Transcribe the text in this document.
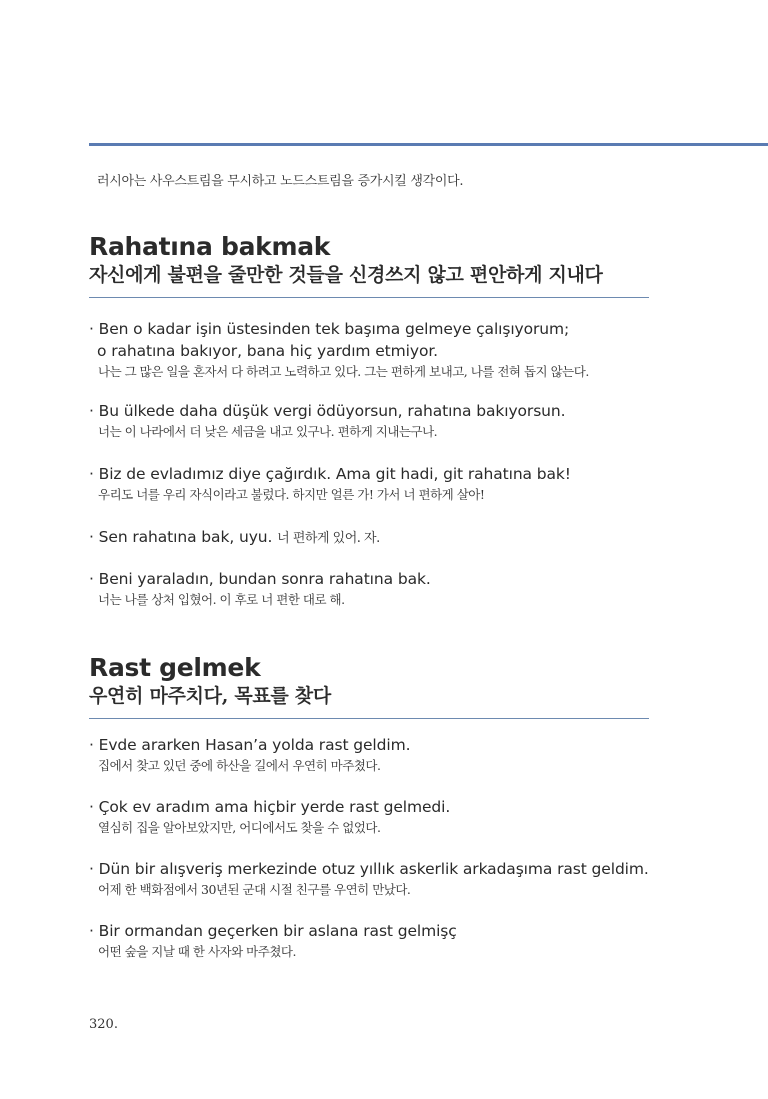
러시아는 사우스트림을 무시하고 노드스트림을 증가시킬 생각이다.
Rahatına bakmak
자신에게 불편을 줄만한 것들을 신경쓰지 않고 편안하게 지내다
· Ben o kadar işin üstesinden tek başıma gelmeye çalışıyorum;
o rahatına bakıyor, bana hiç yardım etmiyor.
나는 그 많은 일을 혼자서 다 하려고 노력하고 있다. 그는 편하게 보내고, 나를 전혀 돕지 않는다.
· Bu ülkede daha düşük vergi ödüyorsun, rahatına bakıyorsun.
너는 이 나라에서 더 낮은 세금을 내고 있구나. 편하게 지내는구나.
· Biz de evladımız diye çağırdık. Ama git hadi, git rahatına bak!
우리도 너를 우리 자식이라고 불렀다. 하지만 얼른 가! 가서 너 편하게 살아!
· Sen rahatına bak, uyu. 너 편하게 있어. 자.
· Beni yaraladın, bundan sonra rahatına bak.
너는 나를 상처 입혔어. 이 후로 너 편한 대로 해.
Rast gelmek
우연히 마주치다, 목표를 찾다
· Evde ararken Hasan’a yolda rast geldim.
집에서 찾고 있던 중에 하산을 길에서 우연히 마주쳤다.
· Çok ev aradım ama hiçbir yerde rast gelmedi.
열심히 집을 알아보았지만, 어디에서도 찾을 수 없었다.
· Dün bir alışveriş merkezinde otuz yıllık askerlik arkadaşıma rast geldim.
어제 한 백화점에서 30년된 군대 시절 친구를 우연히 만났다.
· Bir ormandan geçerken bir aslana rast gelmişç
어떤 숲을 지날 때 한 사자와 마주쳤다.
320.
